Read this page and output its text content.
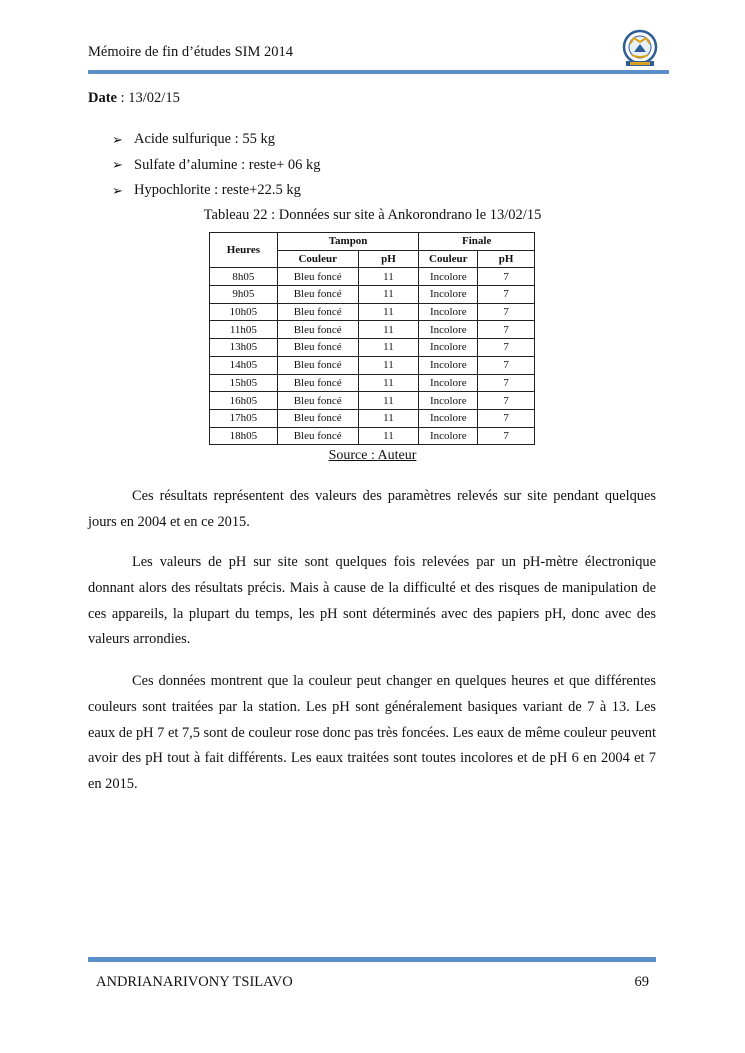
Mémoire de fin d’études SIM 2014
Date : 13/02/15
➢ Acide sulfurique : 55 kg
➢ Sulfate d’alumine : reste+ 06 kg
➢ Hypochlorite : reste+22.5 kg
Tableau 22 : Données sur site à Ankorondrano le 13/02/15
Heures	Tampon		Finale	
	Couleur	pH	Couleur	pH
8h05	Bleu foncé	11	Incolore	7
9h05	Bleu foncé	11	Incolore	7
10h05	Bleu foncé	11	Incolore	7
11h05	Bleu foncé	11	Incolore	7
13h05	Bleu foncé	11	Incolore	7
14h05	Bleu foncé	11	Incolore	7
15h05	Bleu foncé	11	Incolore	7
16h05	Bleu foncé	11	Incolore	7
17h05	Bleu foncé	11	Incolore	7
18h05	Bleu foncé	11	Incolore	7
Source : Auteur

Ces résultats représentent des valeurs des paramètres relevés sur site pendant quelques jours en 2004 et en ce 2015.

Les valeurs de pH sur site sont quelques fois relevées par un pH-mètre électronique donnant alors des résultats précis. Mais à cause de la difficulté et des risques de manipulation de ces appareils, la plupart du temps, les pH sont déterminés avec des papiers pH, donc avec des valeurs arrondies.

Ces données montrent que la couleur peut changer en quelques heures et que différentes couleurs sont traitées par la station. Les pH sont généralement basiques variant de 7 à 13. Les eaux de pH 7 et 7,5 sont de couleur rose donc pas très foncées. Les eaux de même couleur peuvent avoir des pH tout à fait différents. Les eaux traitées sont toutes incolores et de pH 6 en 2004 et 7 en 2015.

ANDRIANARIVONY TSILAVO	69
